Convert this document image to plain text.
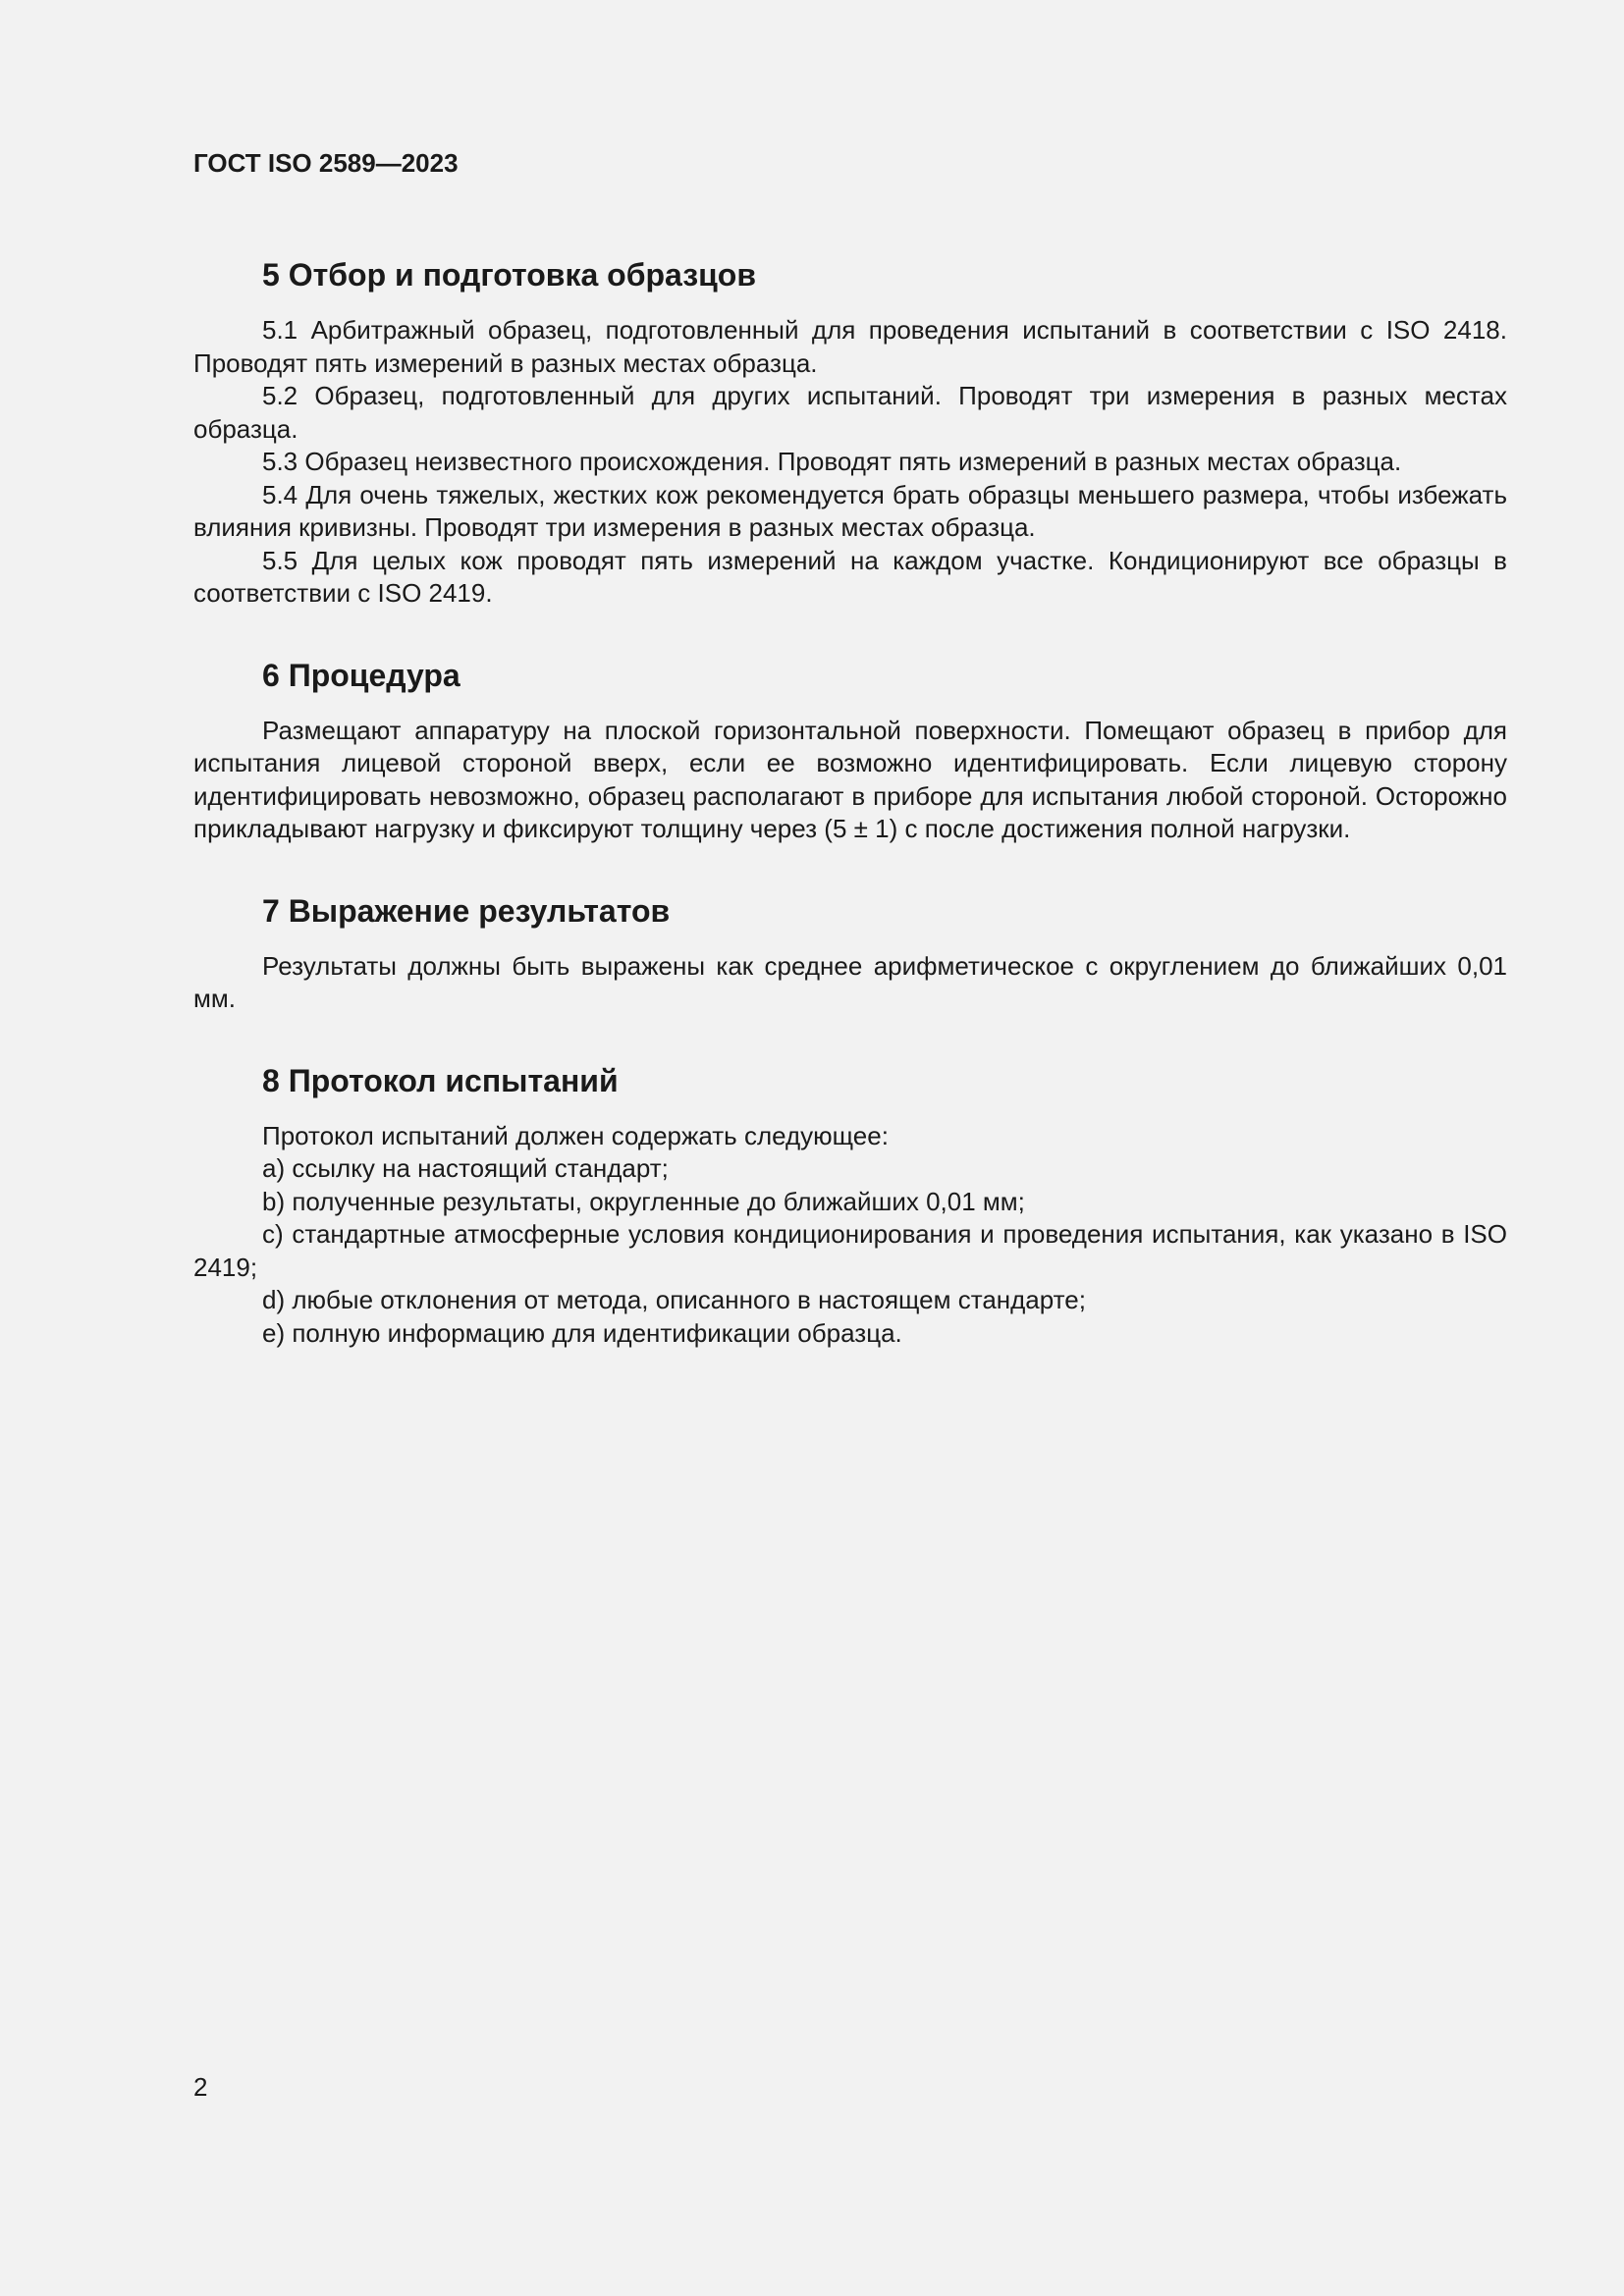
ГОСТ ISO 2589—2023
5 Отбор и подготовка образцов

5.1 Арбитражный образец, подготовленный для проведения испытаний в соответствии с ISO 2418. Проводят пять измерений в разных местах образца.

5.2 Образец, подготовленный для других испытаний. Проводят три измерения в разных местах образца.

5.3 Образец неизвестного происхождения. Проводят пять измерений в разных местах образца.

5.4 Для очень тяжелых, жестких кож рекомендуется брать образцы меньшего размера, чтобы избежать влияния кривизны. Проводят три измерения в разных местах образца.

5.5 Для целых кож проводят пять измерений на каждом участке. Кондиционируют все образцы в соответствии с ISO 2419.

6 Процедура

Размещают аппаратуру на плоской горизонтальной поверхности. Помещают образец в прибор для испытания лицевой стороной вверх, если ее возможно идентифицировать. Если лицевую сторону идентифицировать невозможно, образец располагают в приборе для испытания любой стороной. Осторожно прикладывают нагрузку и фиксируют толщину через (5 ± 1) с после достижения полной нагрузки.

7 Выражение результатов

Результаты должны быть выражены как среднее арифметическое с округлением до ближайших 0,01 мм.

8 Протокол испытаний

Протокол испытаний должен содержать следующее:

a) ссылку на настоящий стандарт;

b) полученные результаты, округленные до ближайших 0,01 мм;

c) стандартные атмосферные условия кондиционирования и проведения испытания, как указано в ISO 2419;

d) любые отклонения от метода, описанного в настоящем стандарте;

e) полную информацию для идентификации образца.

2
